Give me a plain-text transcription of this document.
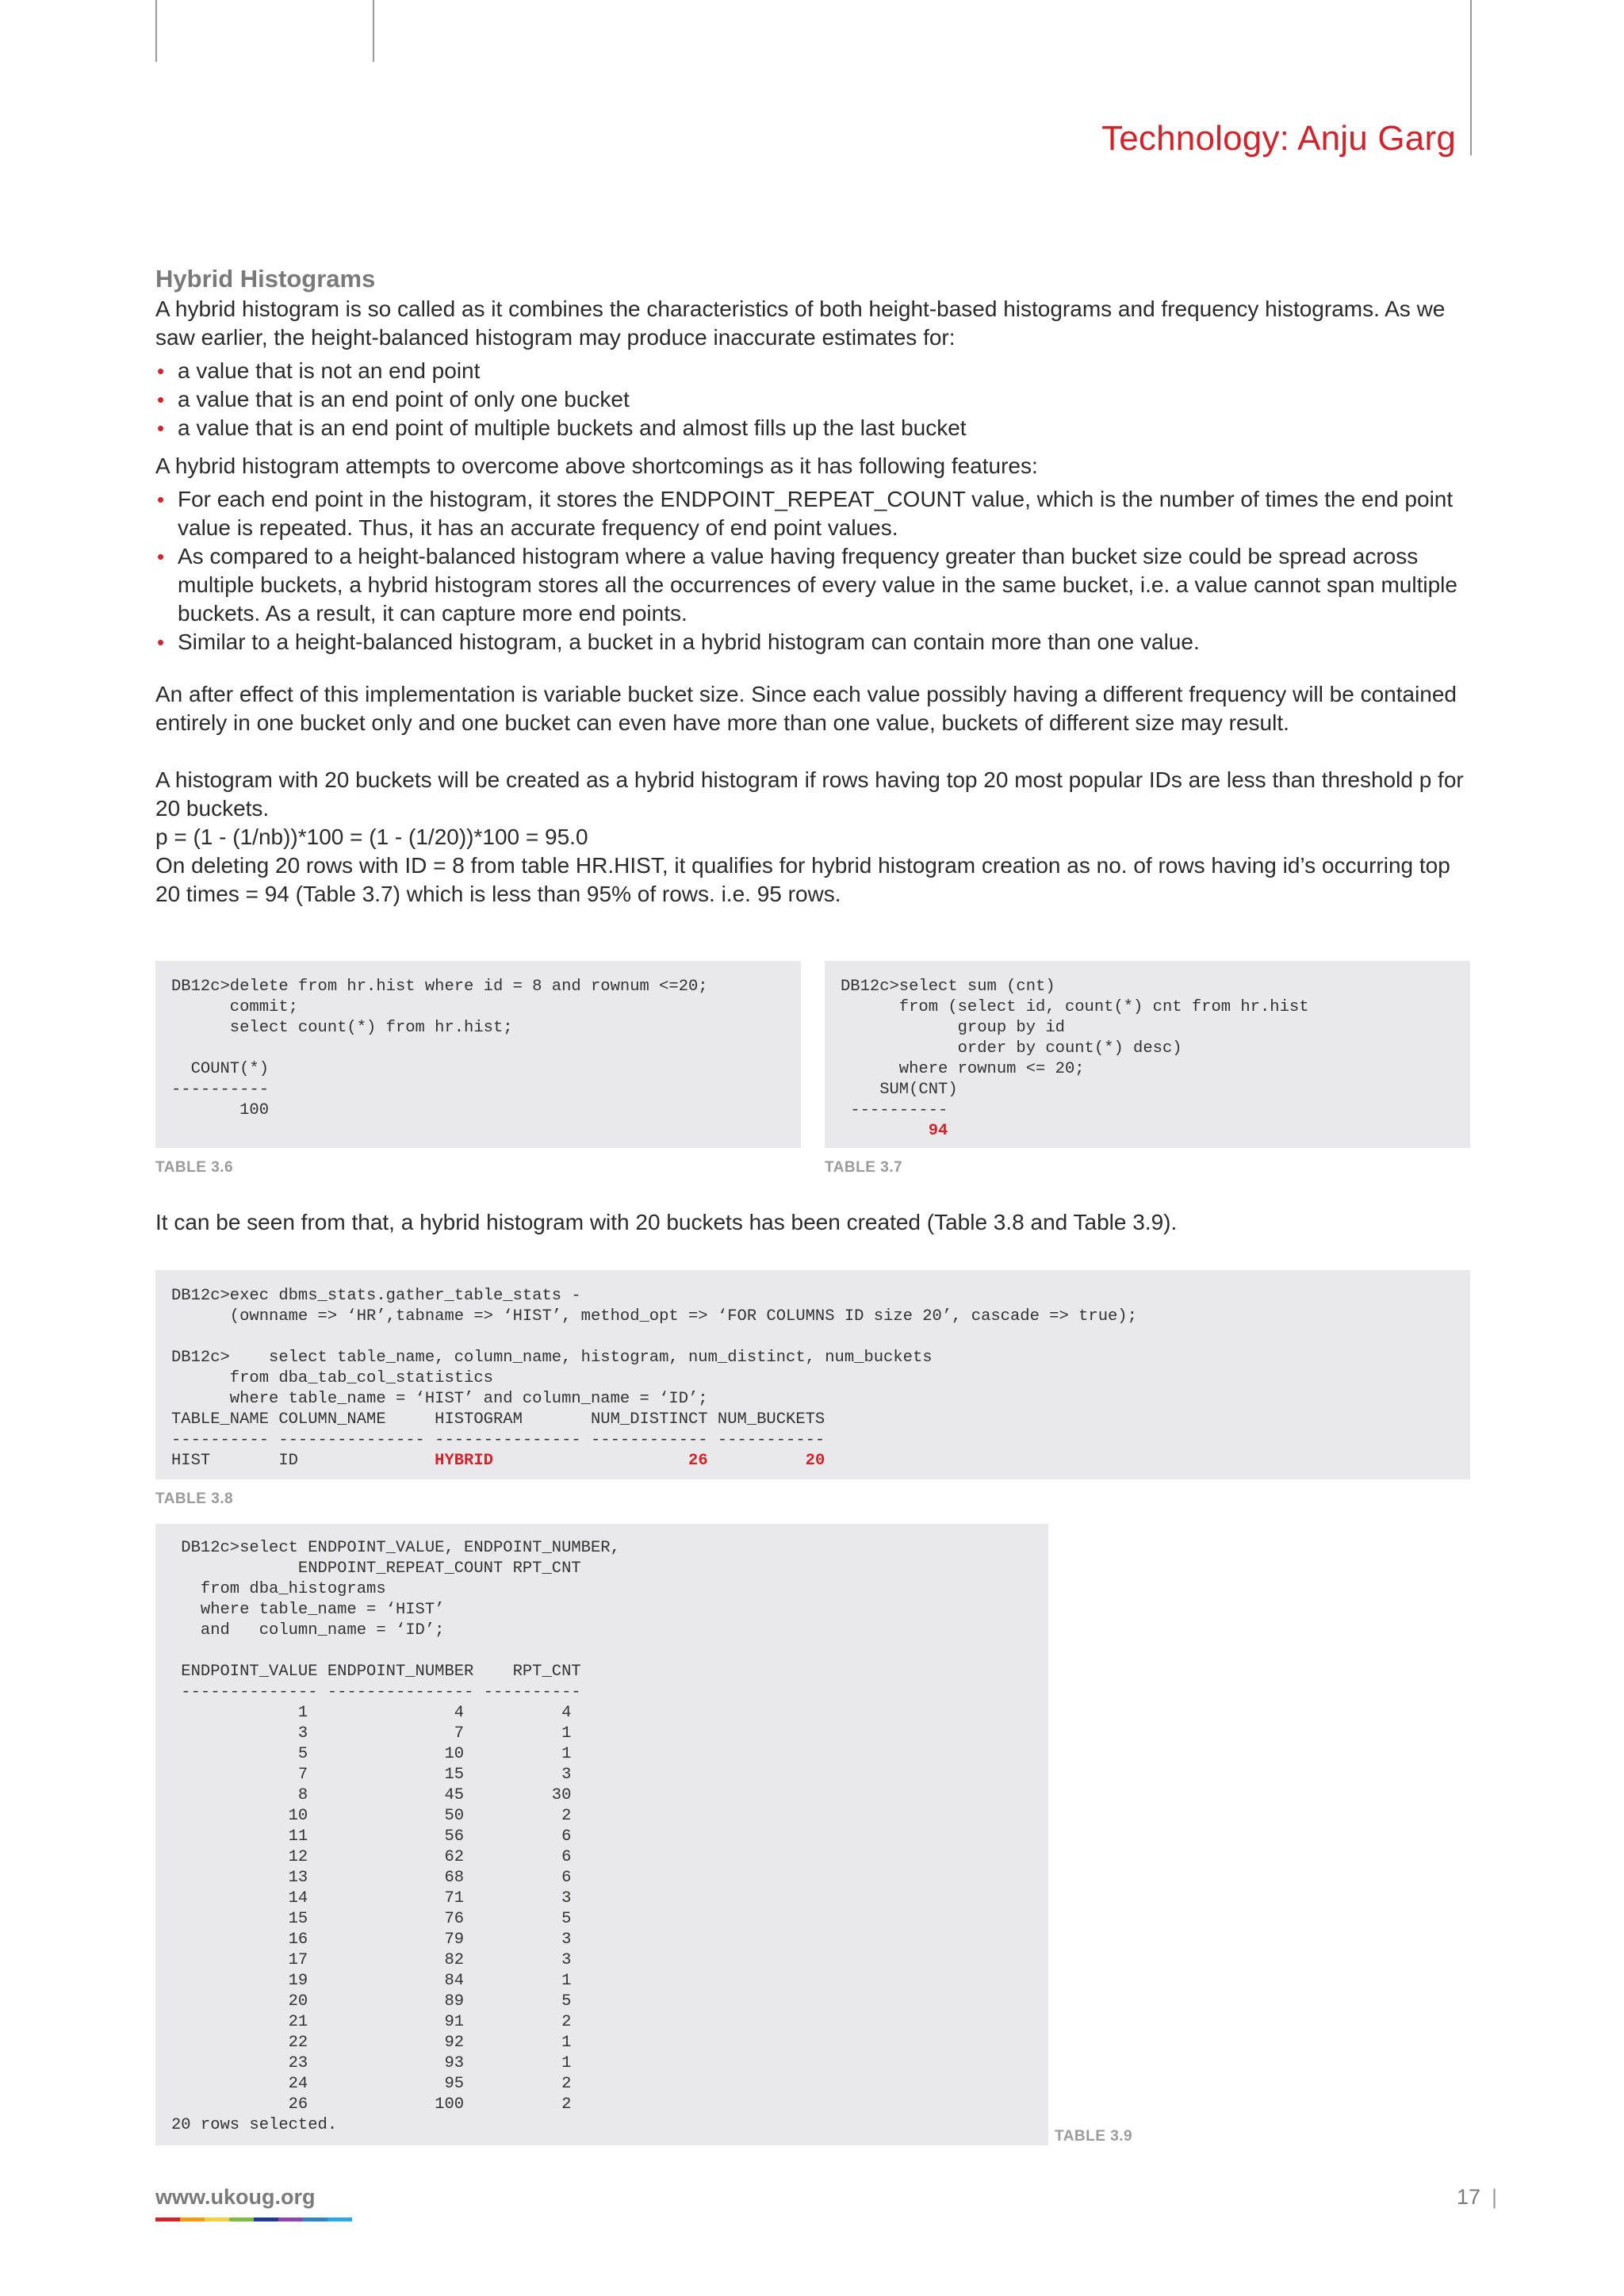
Technology: Anju Garg
Hybrid Histograms

A hybrid histogram is so called as it combines the characteristics of both height-based histograms and frequency histograms. As we saw earlier, the height-balanced histogram may produce inaccurate estimates for:

• a value that is not an end point
• a value that is an end point of only one bucket
• a value that is an end point of multiple buckets and almost fills up the last bucket

A hybrid histogram attempts to overcome above shortcomings as it has following features:

• For each end point in the histogram, it stores the ENDPOINT_REPEAT_COUNT value, which is the number of times the end point value is repeated. Thus, it has an accurate frequency of end point values.
• As compared to a height-balanced histogram where a value having frequency greater than bucket size could be spread across multiple buckets, a hybrid histogram stores all the occurrences of every value in the same bucket, i.e. a value cannot span multiple buckets. As a result, it can capture more end points.
• Similar to a height-balanced histogram, a bucket in a hybrid histogram can contain more than one value.

An after effect of this implementation is variable bucket size. Since each value possibly having a different frequency will be contained entirely in one bucket only and one bucket can even have more than one value, buckets of different size may result.

A histogram with 20 buckets will be created as a hybrid histogram if rows having top 20 most popular IDs are less than threshold p for 20 buckets.

p = (1 - (1/nb))*100 = (1 - (1/20))*100 = 95.0

On deleting 20 rows with ID = 8 from table HR.HIST, it qualifies for hybrid histogram creation as no. of rows having id’s occurring top 20 times = 94 (Table 3.7) which is less than 95% of rows. i.e. 95 rows.

DB12c>delete from hr.hist where id = 8 and rownum <=20;
commit;
select count(*) from hr.hist;

COUNT(*)
----------
100
TABLE 3.6
DB12c>select sum (cnt)
from (select id, count(*) cnt from hr.hist
group by id
order by count(*) desc)
where rownum <= 20;
SUM(CNT)
----------
94
TABLE 3.7

It can be seen from that, a hybrid histogram with 20 buckets has been created (Table 3.8 and Table 3.9).

DB12c>exec dbms_stats.gather_table_stats -
(ownname => ‘HR’,tabname => ‘HIST’, method_opt => ‘FOR COLUMNS ID size 20’, cascade => true);

DB12c>    select table_name, column_name, histogram, num_distinct, num_buckets
from dba_tab_col_statistics
where table_name = ‘HIST’ and column_name = ‘ID’;
TABLE_NAME COLUMN_NAME     HISTOGRAM       NUM_DISTINCT NUM_BUCKETS
---------- --------------- --------------- ------------ -----------
HIST       ID              HYBRID	26	20
TABLE 3.8
DB12c>select ENDPOINT_VALUE, ENDPOINT_NUMBER,
ENDPOINT_REPEAT_COUNT RPT_CNT
from dba_histograms
where table_name = ‘HIST’
and   column_name = ‘ID’;

ENDPOINT_VALUE ENDPOINT_NUMBER    RPT_CNT
-------------- --------------- ----------
1               4          4
3               7          1
5              10          1
7              15          3
8              45         30
10              50          2
11              56          6
12              62          6
13              68          6
14              71          3
15              76          5
16              79          3
17              82          3
19              84          1
20              89          5
21              91          2
22              92          1
23              93          1
24              95          2
26             100          2
20 rows selected.
TABLE 3.9
www.ukoug.org	17 |
